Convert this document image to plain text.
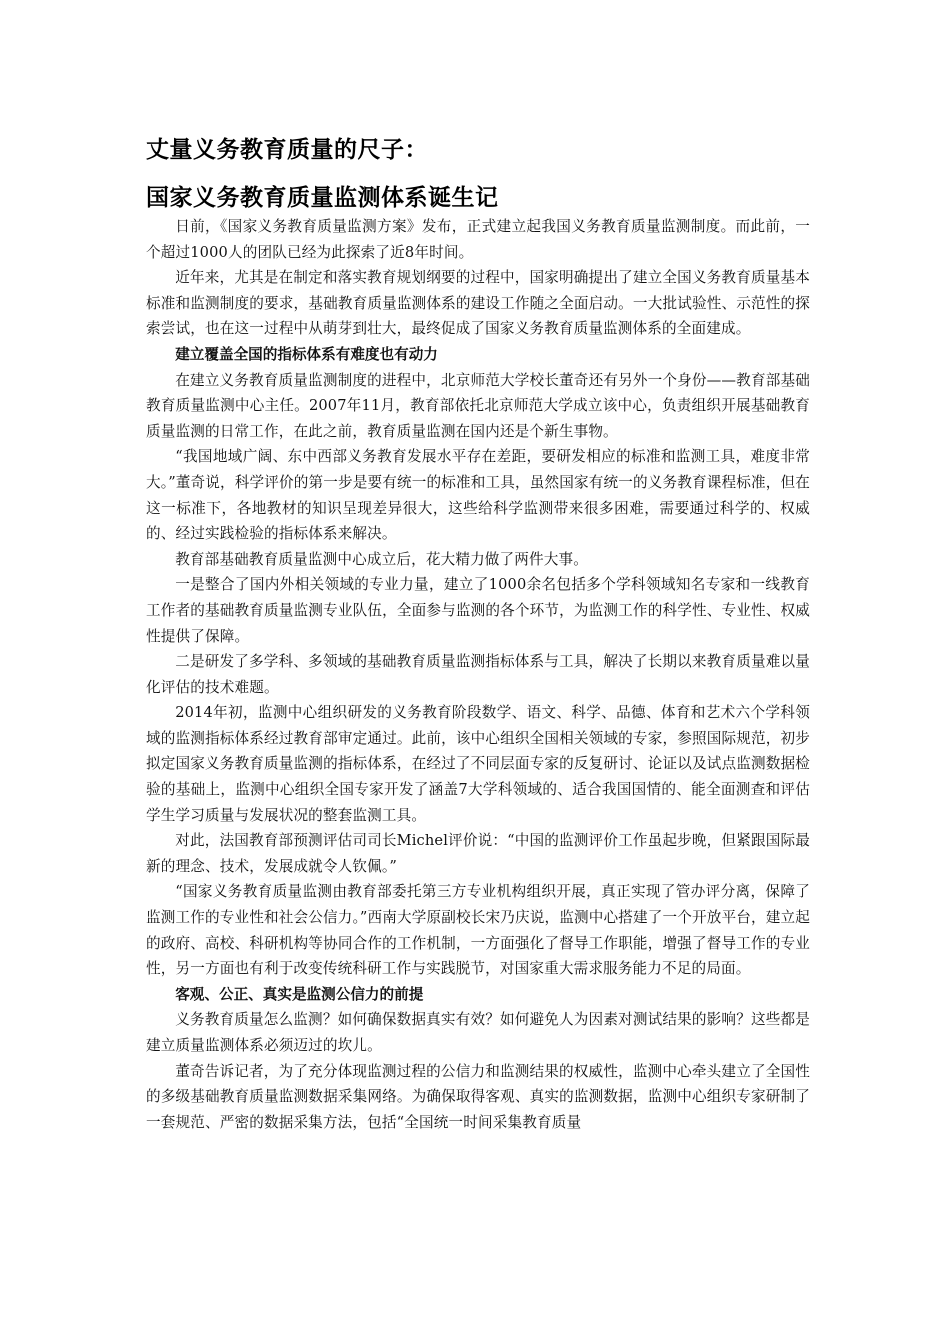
丈量义务教育质量的尺子：
国家义务教育质量监测体系诞生记

日前，《国家义务教育质量监测方案》发布，正式建立起我国义务教育质量监测制度。而此前，一个超过1000人的团队已经为此探索了近8年时间。

近年来，尤其是在制定和落实教育规划纲要的过程中，国家明确提出了建立全国义务教育质量基本标准和监测制度的要求，基础教育质量监测体系的建设工作随之全面启动。一大批试验性、示范性的探索尝试，也在这一过程中从萌芽到壮大，最终促成了国家义务教育质量监测体系的全面建成。

建立覆盖全国的指标体系有难度也有动力

在建立义务教育质量监测制度的进程中，北京师范大学校长董奇还有另外一个身份——教育部基础教育质量监测中心主任。2007年11月，教育部依托北京师范大学成立该中心，负责组织开展基础教育质量监测的日常工作，在此之前，教育质量监测在国内还是个新生事物。

“我国地域广阔、东中西部义务教育发展水平存在差距，要研发相应的标准和监测工具，难度非常大。”董奇说，科学评价的第一步是要有统一的标准和工具，虽然国家有统一的义务教育课程标准，但在这一标准下，各地教材的知识呈现差异很大，这些给科学监测带来很多困难，需要通过科学的、权威的、经过实践检验的指标体系来解决。

教育部基础教育质量监测中心成立后，花大精力做了两件大事。

一是整合了国内外相关领域的专业力量，建立了1000余名包括多个学科领域知名专家和一线教育工作者的基础教育质量监测专业队伍，全面参与监测的各个环节，为监测工作的科学性、专业性、权威性提供了保障。

二是研发了多学科、多领域的基础教育质量监测指标体系与工具，解决了长期以来教育质量难以量化评估的技术难题。

2014年初，监测中心组织研发的义务教育阶段数学、语文、科学、品德、体育和艺术六个学科领域的监测指标体系经过教育部审定通过。此前，该中心组织全国相关领域的专家，参照国际规范，初步拟定国家义务教育质量监测的指标体系，在经过了不同层面专家的反复研讨、论证以及试点监测数据检验的基础上，监测中心组织全国专家开发了涵盖7大学科领域的、适合我国国情的、能全面测查和评估学生学习质量与发展状况的整套监测工具。

对此，法国教育部预测评估司司长Michel评价说：“中国的监测评价工作虽起步晚，但紧跟国际最新的理念、技术，发展成就令人钦佩。”

“国家义务教育质量监测由教育部委托第三方专业机构组织开展，真正实现了管办评分离，保障了监测工作的专业性和社会公信力。”西南大学原副校长宋乃庆说，监测中心搭建了一个开放平台，建立起的政府、高校、科研机构等协同合作的工作机制，一方面强化了督导工作职能，增强了督导工作的专业性，另一方面也有利于改变传统科研工作与实践脱节，对国家重大需求服务能力不足的局面。

客观、公正、真实是监测公信力的前提

义务教育质量怎么监测？如何确保数据真实有效？如何避免人为因素对测试结果的影响？这些都是建立质量监测体系必须迈过的坎儿。

董奇告诉记者，为了充分体现监测过程的公信力和监测结果的权威性，监测中心牵头建立了全国性的多级基础教育质量监测数据采集网络。为确保取得客观、真实的监测数据，监测中心组织专家研制了一套规范、严密的数据采集方法，包括“全国统一时间采集教育质量
